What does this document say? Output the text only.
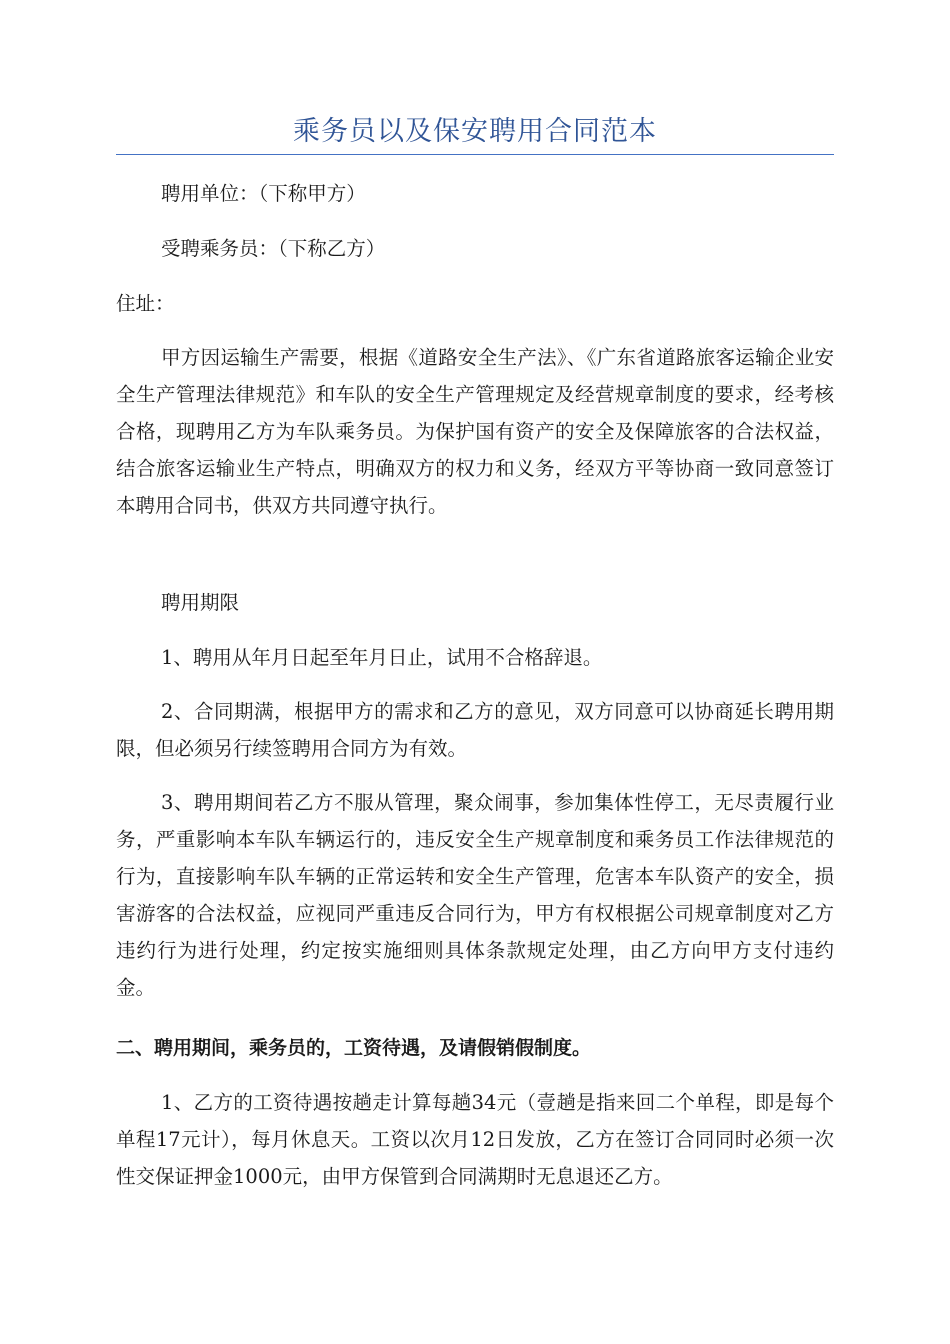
乘务员以及保安聘用合同范本

聘用单位：（下称甲方）

受聘乘务员：（下称乙方）

住址：

甲方因运输生产需要，根据《道路安全生产法》、《广东省道路旅客运输企业安全生产管理法律规范》和车队的安全生产管理规定及经营规章制度的要求，经考核合格，现聘用乙方为车队乘务员。为保护国有资产的安全及保障旅客的合法权益，结合旅客运输业生产特点，明确双方的权力和义务，经双方平等协商一致同意签订本聘用合同书，供双方共同遵守执行。

聘用期限

1、聘用从年月日起至年月日止，试用不合格辞退。

2、合同期满，根据甲方的需求和乙方的意见，双方同意可以协商延长聘用期限，但必须另行续签聘用合同方为有效。

3、聘用期间若乙方不服从管理，聚众闹事，参加集体性停工，无尽责履行业务，严重影响本车队车辆运行的，违反安全生产规章制度和乘务员工作法律规范的行为，直接影响车队车辆的正常运转和安全生产管理，危害本车队资产的安全，损害游客的合法权益，应视同严重违反合同行为，甲方有权根据公司规章制度对乙方违约行为进行处理，约定按实施细则具体条款规定处理，由乙方向甲方支付违约金。

二、聘用期间，乘务员的，工资待遇，及请假销假制度。

1、乙方的工资待遇按趟走计算每趟34元（壹趟是指来回二个单程，即是每个单程17元计），每月休息天。工资以次月12日发放，乙方在签订合同同时必须一次性交保证押金1000元，由甲方保管到合同满期时无息退还乙方。
